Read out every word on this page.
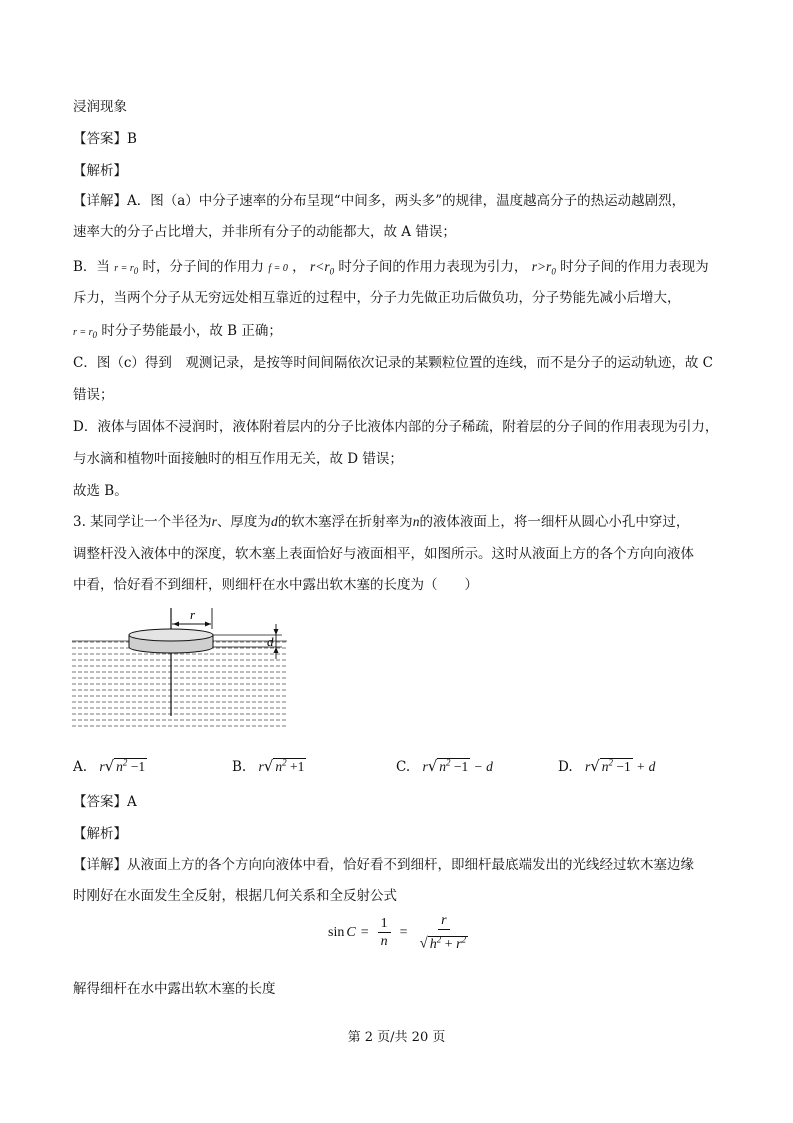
浸润现象
【答案】B
【解析】
【详解】A．图（a）中分子速率的分布呈现“中间多，两头多”的规律，温度越高分子的热运动越剧烈，
速率大的分子占比增大，并非所有分子的动能都大，故 A 错误；
B．当 $r = r_0$ 时，分子间的作用力 f = 0 ， $r<r_0$ 时分子间的作用力表现为引力， $r>r_0$ 时分子间的作用力表现为
斥力，当两个分子从无穷远处相互靠近的过程中，分子力先做正功后做负功，分子势能先减小后增大，
$r = r_0$ 时分子势能最小，故 B 正确；
C．图（c）得到　观测记录，是按等时间间隔依次记录的某颗粒位置的连线，而不是分子的运动轨迹，故 C
错误；
D．液体与固体不浸润时，液体附着层内的分子比液体内部的分子稀疏，附着层的分子间的作用表现为引力，
与水滴和植物叶面接触时的相互作用无关，故 D 错误；
故选 B。
3. 某同学让一个半径为r、厚度为d的软木塞浮在折射率为n的液体液面上，将一细杆从圆心小孔中穿过，
调整杆没入液体中的深度，软木塞上表面恰好与液面相平，如图所示。这时从液面上方的各个方向向液体
中看，恰好看不到细杆，则细杆在水中露出软木塞的长度为（　　）
r
d
A. r√ $n^2 -1$	B. r√ $n^2 +1$	C. r√ $n^2 -1 - d$	D. r√ $n^2 -1 + d$
【答案】A
【解析】
【详解】从液面上方的各个方向向液体中看，恰好看不到细杆，即细杆最底端发出的光线经过软木塞边缘
时刚好在水面发生全反射，根据几何关系和全反射公式
$\sin C = \frac{1}{n} = \frac{r}{√ h^2 + r^2}$
解得细杆在水中露出软木塞的长度
第 2 页/共 20 页
